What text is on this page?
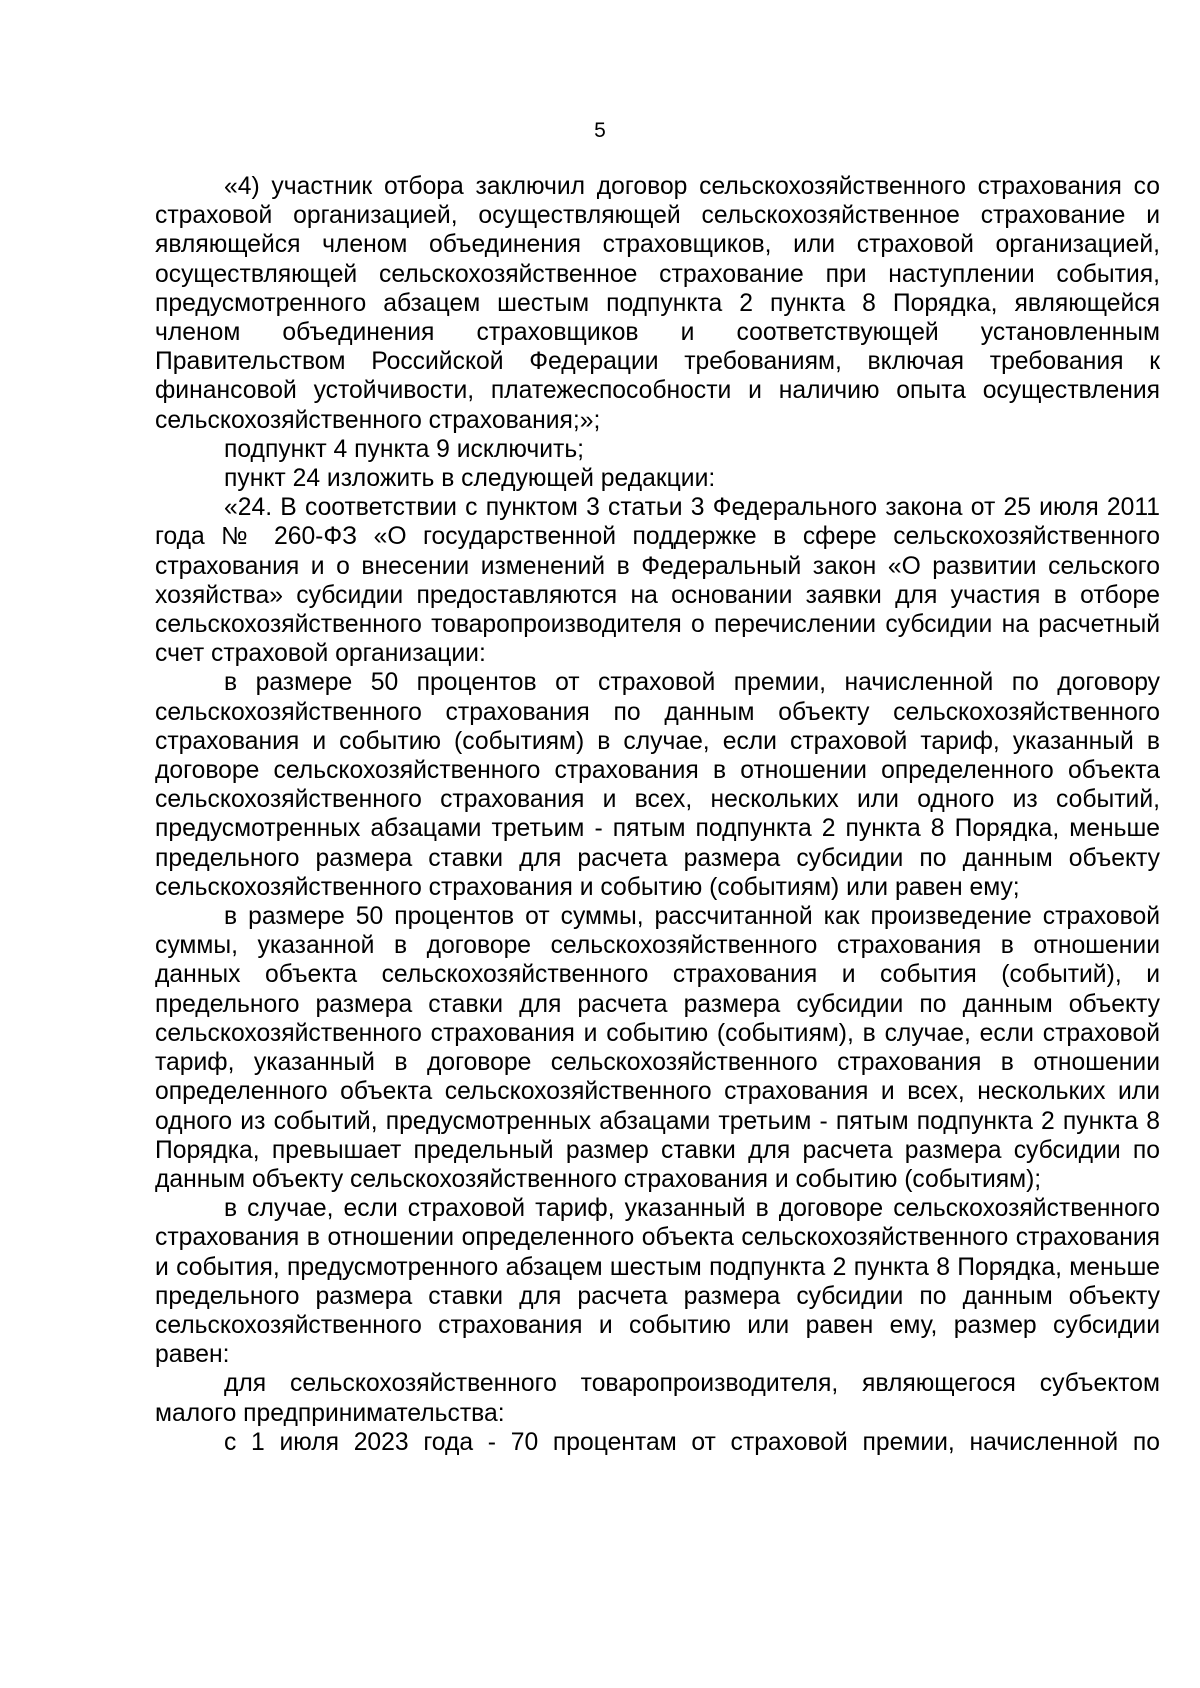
5

«4) участник отбора заключил договор сельскохозяйственного страхования со страховой организацией, осуществляющей сельскохозяйственное страхование и являющейся членом объединения страховщиков, или страховой организацией, осуществляющей сельскохозяйственное страхование при наступлении события, предусмотренного абзацем шестым подпункта 2 пункта 8 Порядка, являющейся членом объединения страховщиков и соответствующей установленным Правительством Российской Федерации требованиям, включая требования к финансовой устойчивости, платежеспособности и наличию опыта осуществления сельскохозяйственного страхования;»;

подпункт 4 пункта 9 исключить;

пункт 24 изложить в следующей редакции:

«24. В соответствии с пунктом 3 статьи 3 Федерального закона от 25 июля 2011 года № 260-ФЗ «О государственной поддержке в сфере сельскохозяйственного страхования и о внесении изменений в Федеральный закон «О развитии сельского хозяйства» субсидии предоставляются на основании заявки для участия в отборе сельскохозяйственного товаропроизводителя о перечислении субсидии на расчетный счет страховой организации:

в размере 50 процентов от страховой премии, начисленной по договору сельскохозяйственного страхования по данным объекту сельскохозяйственного страхования и событию (событиям) в случае, если страховой тариф, указанный в договоре сельскохозяйственного страхования в отношении определенного объекта сельскохозяйственного страхования и всех, нескольких или одного из событий, предусмотренных абзацами третьим - пятым подпункта 2 пункта 8 Порядка, меньше предельного размера ставки для расчета размера субсидии по данным объекту сельскохозяйственного страхования и событию (событиям) или равен ему;

в размере 50 процентов от суммы, рассчитанной как произведение страховой суммы, указанной в договоре сельскохозяйственного страхования в отношении данных объекта сельскохозяйственного страхования и события (событий), и предельного размера ставки для расчета размера субсидии по данным объекту сельскохозяйственного страхования и событию (событиям), в случае, если страховой тариф, указанный в договоре сельскохозяйственного страхования в отношении определенного объекта сельскохозяйственного страхования и всех, нескольких или одного из событий, предусмотренных абзацами третьим - пятым подпункта 2 пункта 8 Порядка, превышает предельный размер ставки для расчета размера субсидии по данным объекту сельскохозяйственного страхования и событию (событиям);

в случае, если страховой тариф, указанный в договоре сельскохозяйственного страхования в отношении определенного объекта сельскохозяйственного страхования и события, предусмотренного абзацем шестым подпункта 2 пункта 8 Порядка, меньше предельного размера ставки для расчета размера субсидии по данным объекту сельскохозяйственного страхования и событию или равен ему, размер субсидии равен:

для сельскохозяйственного товаропроизводителя, являющегося субъектом малого предпринимательства:

с 1 июля 2023 года - 70 процентам от страховой премии, начисленной по
